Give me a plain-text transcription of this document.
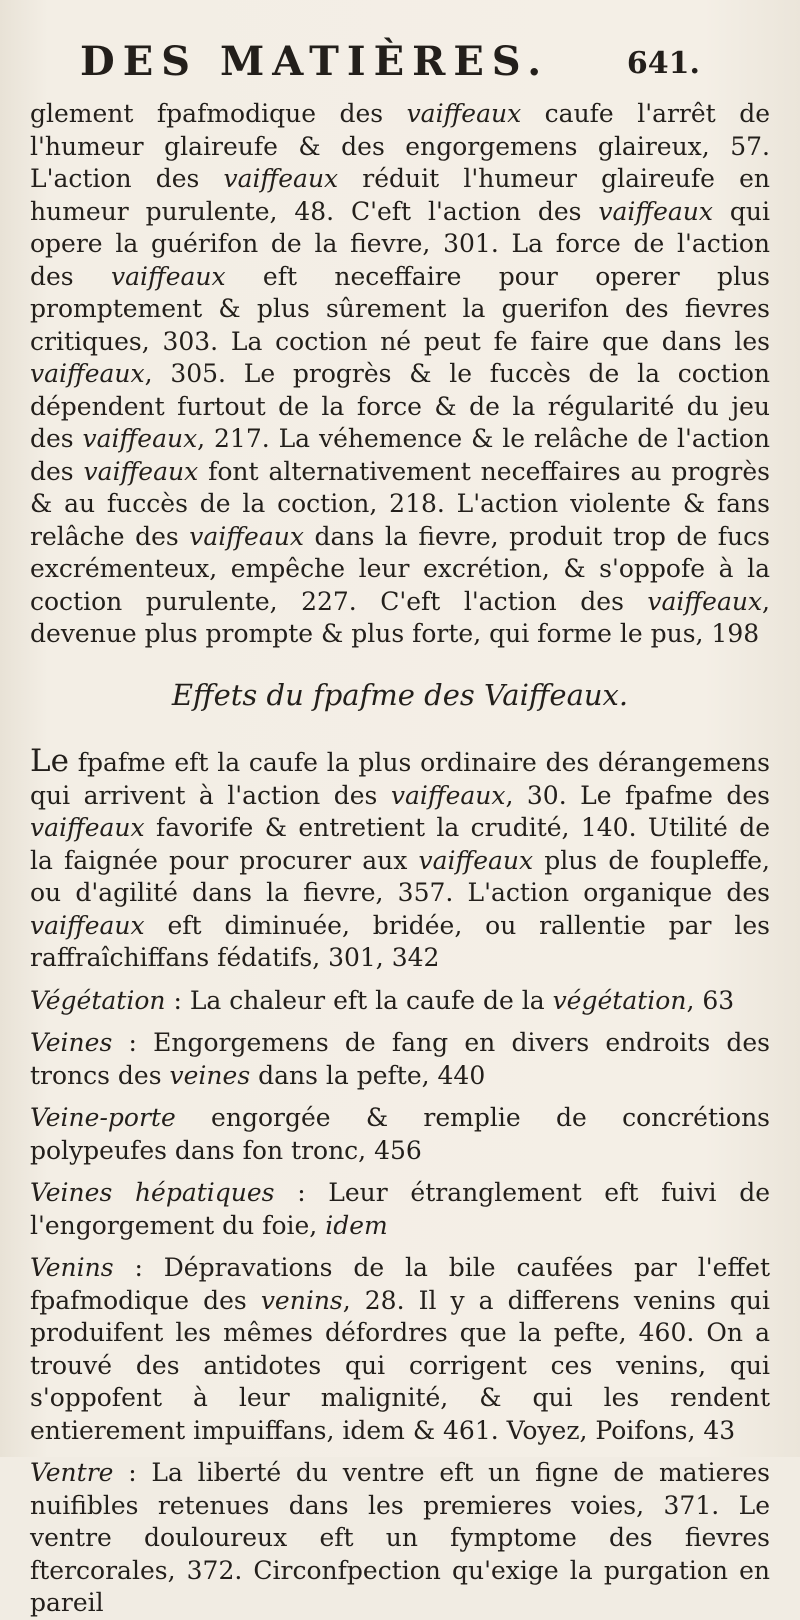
DES MATIÈRES.	641.

glement fpafmodique des vaiffeaux caufe l'arrêt de l'humeur glaireufe & des engorgemens glaireux, 57. L'action des vaiffeaux réduit l'humeur glaireufe en humeur purulente, 48. C'eft l'action des vaiffeaux qui opere la guérifon de la fievre, 301. La force de l'action des vaiffeaux eft neceffaire pour operer plus promptement & plus sûrement la guerifon des fievres critiques, 303. La coction né peut fe faire que dans les vaiffeaux, 305. Le progrès & le fuccès de la coction dépendent furtout de la force & de la régularité du jeu des vaiffeaux, 217. La véhemence & le relâche de l'action des vaiffeaux font alternativement neceffaires au progrès & au fuccès de la coction, 218. L'action violente & fans relâche des vaiffeaux dans la fievre, produit trop de fucs excrémenteux, empêche leur excrétion, & s'oppofe à la coction purulente, 227. C'eft l'action des vaiffeaux, devenue plus prompte & plus forte, qui forme le pus, 198

Effets du fpafme des Vaiffeaux.

Le fpafme eft la caufe la plus ordinaire des dérangemens qui arrivent à l'action des vaiffeaux, 30. Le fpafme des vaiffeaux favorife & entretient la crudité, 140. Utilité de la faignée pour procurer aux vaiffeaux plus de foupleffe, ou d'agilité dans la fievre, 357. L'action organique des vaiffeaux eft diminuée, bridée, ou rallentie par les raffraîchiffans fédatifs, 301, 342

Végétation : La chaleur eft la caufe de la végétation, 63

Veines : Engorgemens de fang en divers endroits des troncs des veines dans la pefte, 440

Veine-porte engorgée & remplie de concrétions polypeufes dans fon tronc, 456

Veines hépatiques : Leur étranglement eft fuivi de l'engorgement du foie, idem

Venins : Dépravations de la bile caufées par l'effet fpafmodique des venins, 28. Il y a differens venins qui produifent les mêmes défordres que la pefte, 460. On a trouvé des antidotes qui corrigent ces venins, qui s'oppofent à leur malignité, & qui les rendent entierement impuiffans, idem & 461. Voyez, Poifons, 43

Ventre : La liberté du ventre eft un figne de matieres nuifibles retenues dans les premieres voies, 371. Le ventre douloureux eft un fymptome des fievres ftercorales, 372. Circonfpection qu'exige la purgation en pareil
